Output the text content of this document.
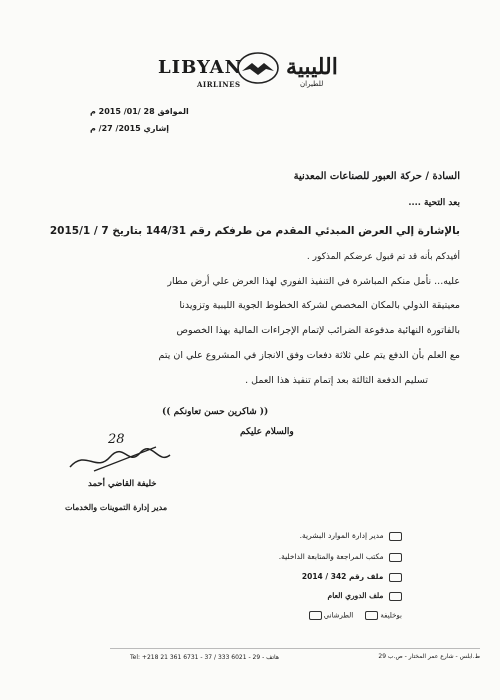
LIBYAN
AIRLINES
الليبية
للطيران
الموافق 28 /01/ 2015 م
إشاري 2015/ 27/ م
السادة / حركة العبور للصناعات المعدنية
بعد التحية ....
بالإشارة إلي العرض المبدئي المقدم من طرفكم رقم 144/31 بتاريخ 7 / 2015/1
أفيدكم بأنه قد تم قبول عرضكم المذكور .
عليه... نأمل منكم المباشرة في التنفيذ الفوري لهذا العرض علي أرض مطار
معيتيقة الدولي بالمكان المخصص لشركة الخطوط الجوية الليبية وتزويدنا
بالفاتورة النهائية مدفوعة الضرائب لإتمام الإجراءات المالية بهذا الخصوص
مع العلم بأن الدفع يتم علي ثلاثة دفعات وفق الانجاز في المشروع علي ان يتم
تسليم الدفعة الثالثة بعد إتمام تنفيذ هذا العمل .
(( شاكرين حسن تعاونكم ))
والسلام عليكم
28
خليفة القاضي أحمد
مدير إدارة التموينات والخدمات
مدير إدارة الموارد البشرية.
مكتب المراجعة والمتابعة الداخلية.
ملف رقم 342 / 2014
ملف الدوري العام
بوخليفة     الطرشاني
ط.ابلس - شارع عمر المختار - ص.ب 29
Tel: +218 21 361 6731 - 37 / 333 6021 - 29 - هاتف
